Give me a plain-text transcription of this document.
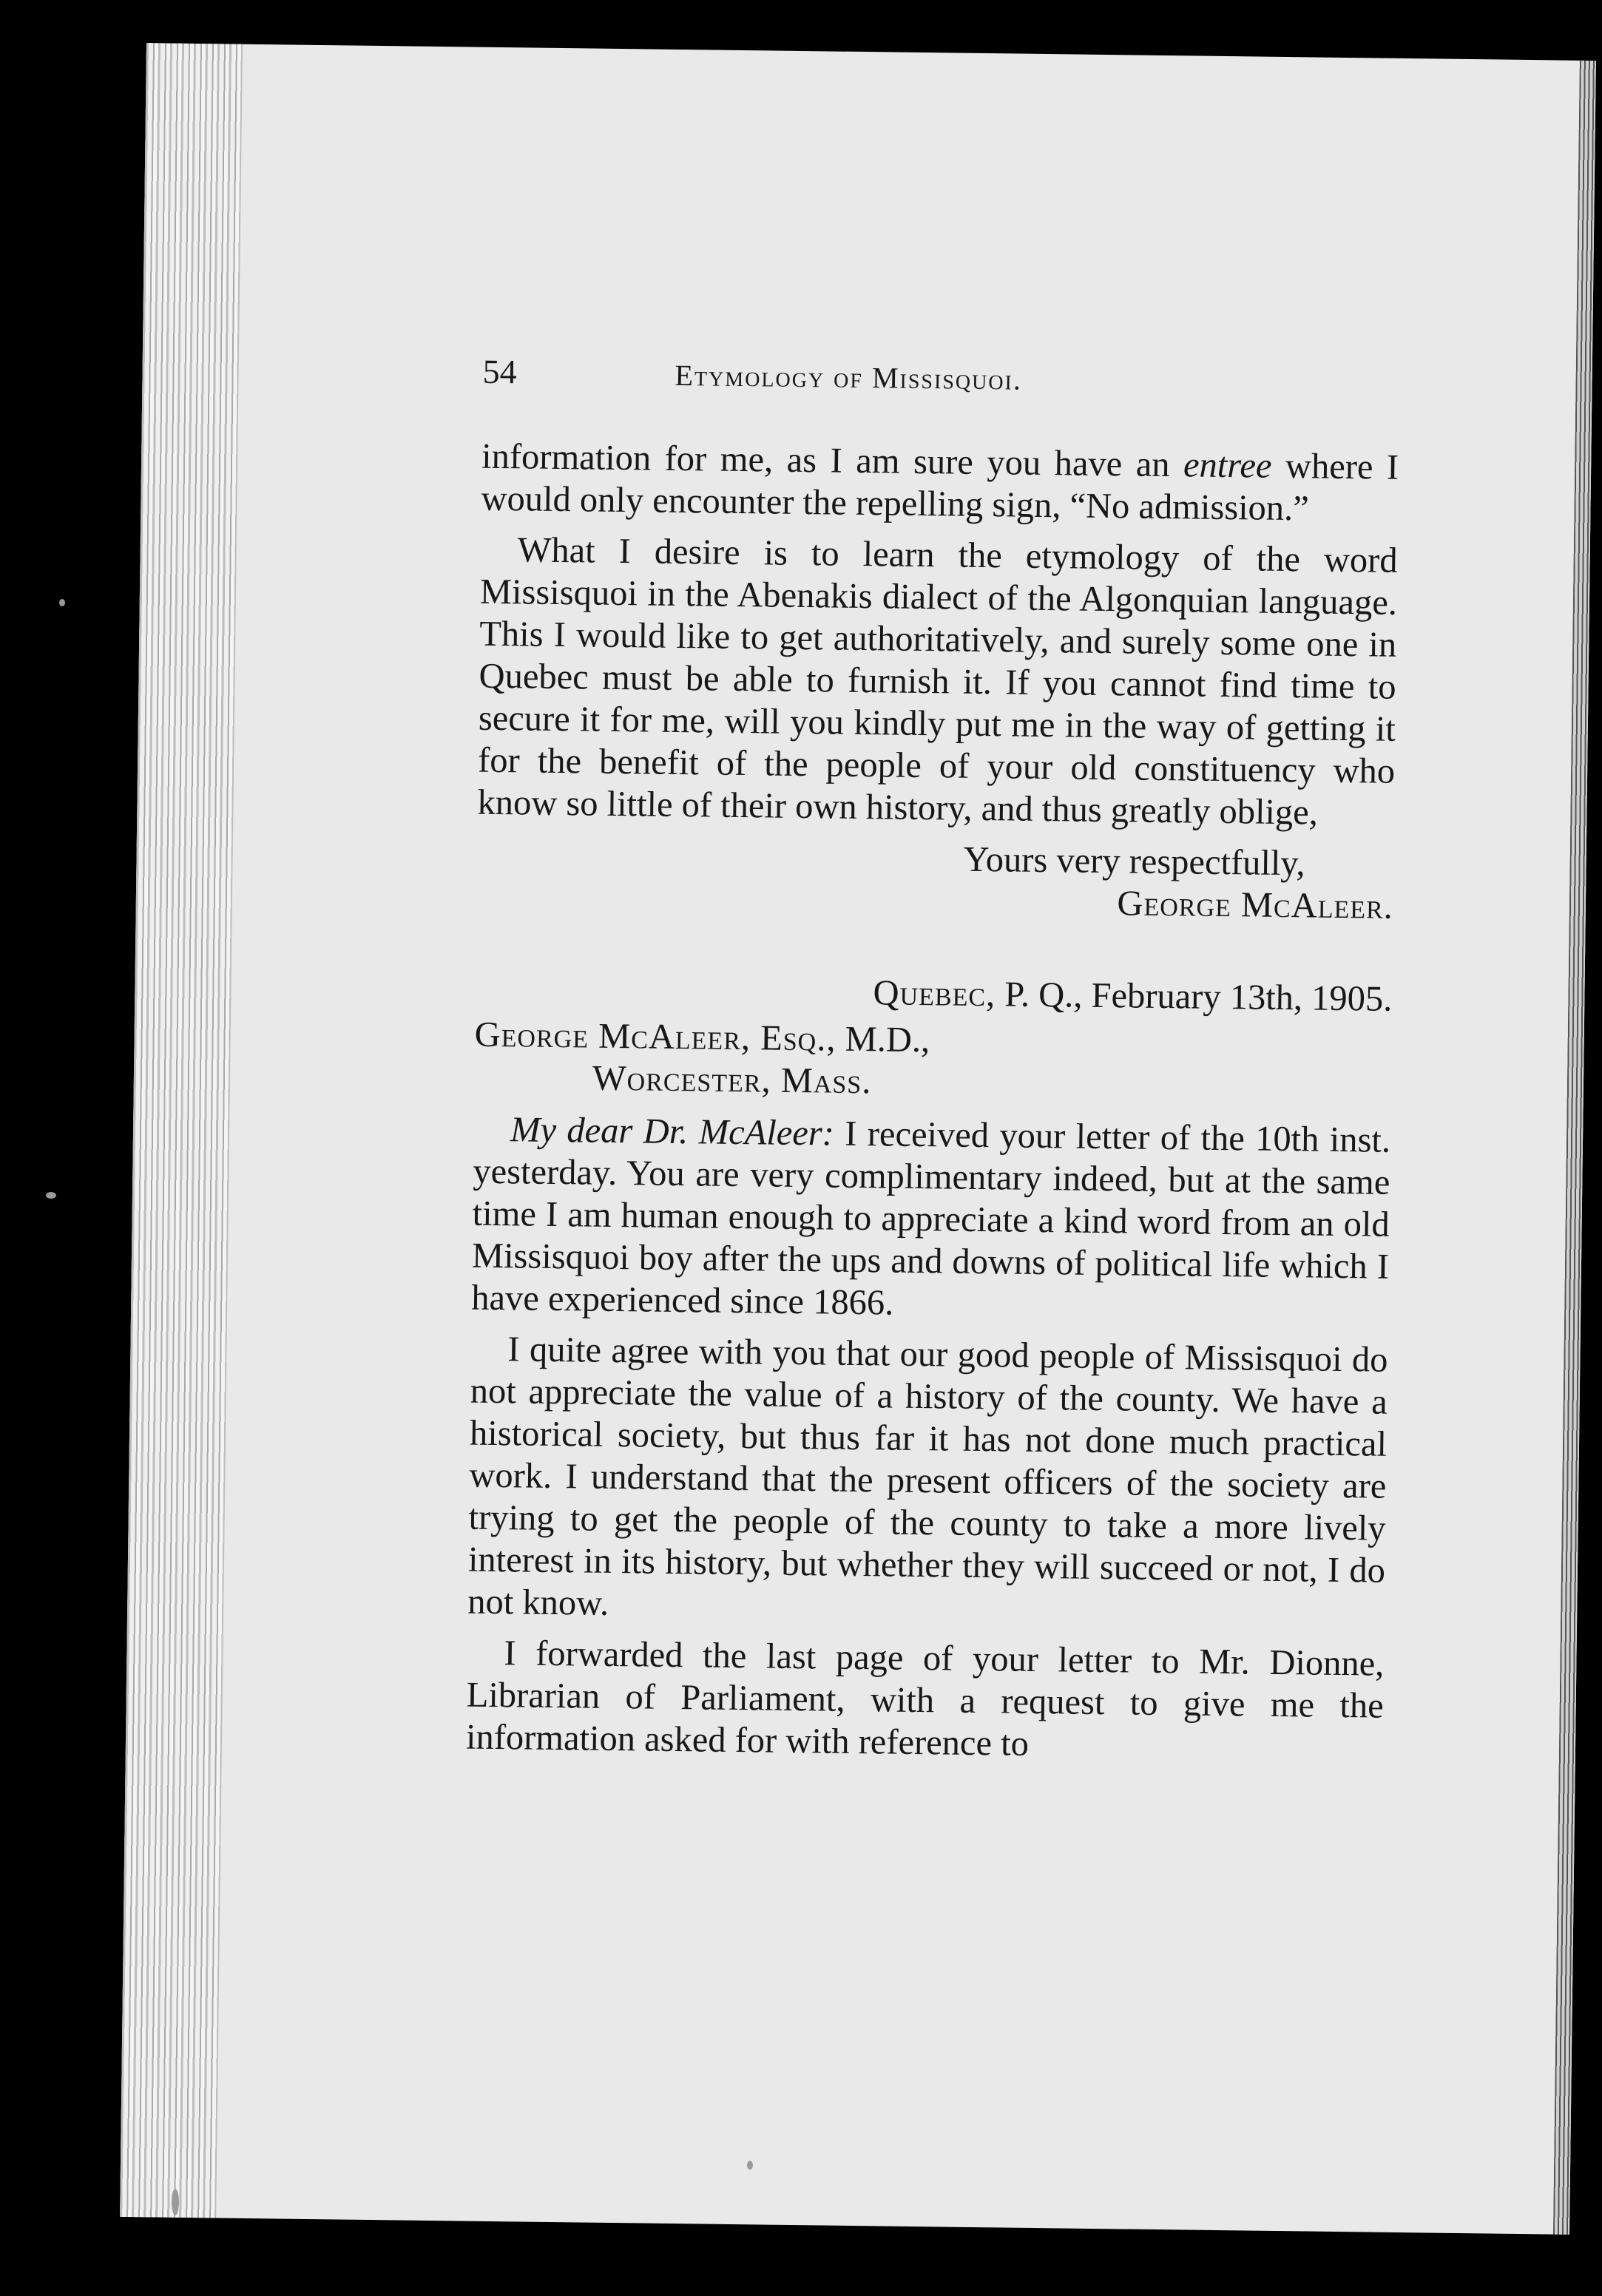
54	Etymology of Missisquoi.

information for me, as I am sure you have an entree where I would only encounter the repelling sign, “No admission.”

What I desire is to learn the etymology of the word Missisquoi in the Abenakis dialect of the Algonquian language. This I would like to get authoritatively, and surely some one in Quebec must be able to furnish it. If you cannot find time to secure it for me, will you kindly put me in the way of getting it for the benefit of the people of your old constituency who know so little of their own history, and thus greatly oblige,

Yours very respectfully,
George McAleer.

Quebec, P. Q., February 13th, 1905.

George McAleer, Esq., M.D.,
Worcester, Mass.

My dear Dr. McAleer: I received your letter of the 10th inst. yesterday. You are very complimentary indeed, but at the same time I am human enough to appreciate a kind word from an old Missisquoi boy after the ups and downs of political life which I have experienced since 1866.

I quite agree with you that our good people of Missisquoi do not appreciate the value of a history of the county. We have a historical society, but thus far it has not done much practical work. I understand that the present officers of the society are trying to get the people of the county to take a more lively interest in its history, but whether they will succeed or not, I do not know.

I forwarded the last page of your letter to Mr. Dionne, Librarian of Parliament, with a request to give me the information asked for with reference to
